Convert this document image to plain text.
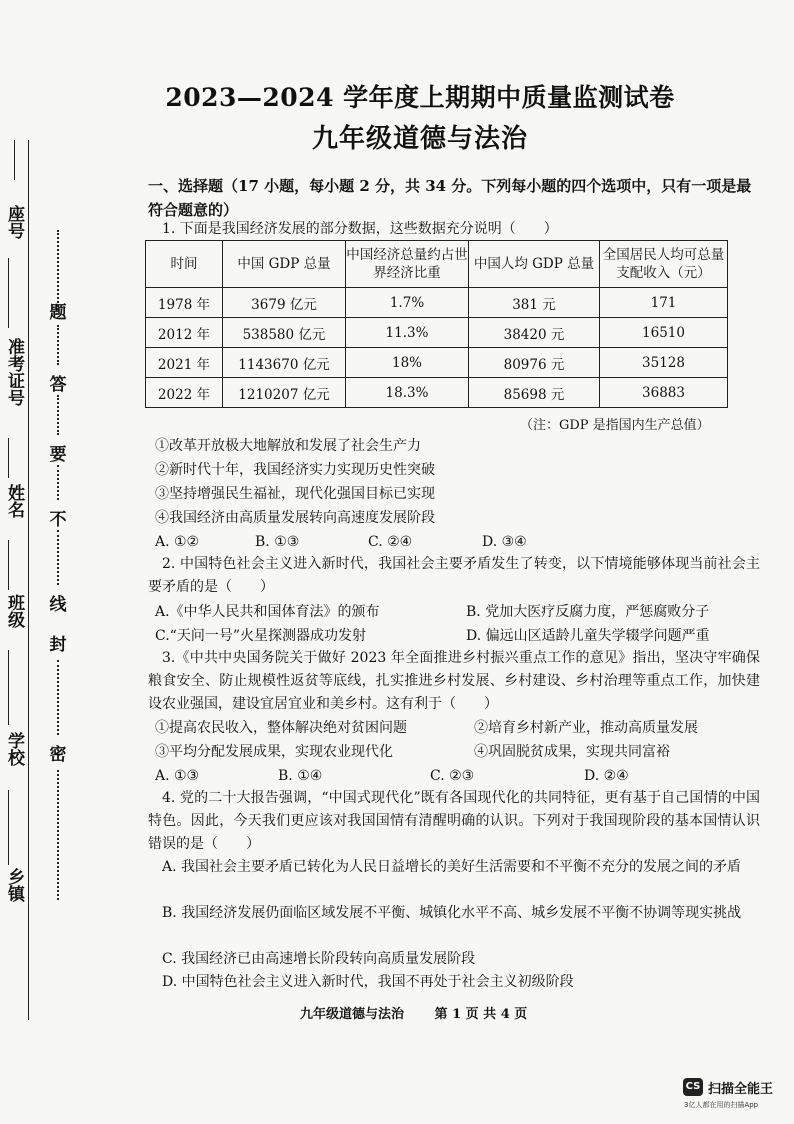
座号
准考证号
姓名
班级
学校
乡镇
密
封
线
不
要
答
题
2023—2024 学年度上期期中质量监测试卷
九年级道德与法治
一、选择题（17 小题，每小题 2 分，共 34 分。下列每小题的四个选项中，只有一项是最符合题意的）
1. 下面是我国经济发展的部分数据，这些数据充分说明（　　）
时间	中国 GDP 总量	中国经济总量约占世界经济比重	中国人均 GDP 总量	全国居民人均可总量支配收入（元）
1978 年	3679 亿元	1.7%	381 元	171
2012 年	538580 亿元	11.3%	38420 元	16510
2021 年	1143670 亿元	18%	80976 元	35128
2022 年	1210207 亿元	18.3%	85698 元	36883
（注：GDP 是指国内生产总值）
①改革开放极大地解放和发展了社会生产力
②新时代十年，我国经济实力实现历史性突破
③坚持增强民生福祉，现代化强国目标已实现
④我国经济由高质量发展转向高速度发展阶段
A. ①②	B. ①③	C. ②④	D. ③④
2. 中国特色社会主义进入新时代，我国社会主要矛盾发生了转变，以下情境能够体现当前社会主要矛盾的是（　　）
A.《中华人民共和国体育法》的颁布	B. 党加大医疗反腐力度，严惩腐败分子
C.“天问一号”火星探测器成功发射	D. 偏远山区适龄儿童失学辍学问题严重
3.《中共中央国务院关于做好 2023 年全面推进乡村振兴重点工作的意见》指出，坚决守牢确保粮食安全、防止规模性返贫等底线，扎实推进乡村发展、乡村建设、乡村治理等重点工作，加快建设农业强国，建设宜居宜业和美乡村。这有利于（　　）
①提高农民收入，整体解决绝对贫困问题	②培育乡村新产业，推动高质量发展
③平均分配发展成果，实现农业现代化	④巩固脱贫成果，实现共同富裕
A. ①③	B. ①④	C. ②③	D. ②④
4. 党的二十大报告强调，“中国式现代化”既有各国现代化的共同特征，更有基于自己国情的中国特色。因此，今天我们更应该对我国国情有清醒明确的认识。下列对于我国现阶段的基本国情认识错误的是（　　）
A. 我国社会主要矛盾已转化为人民日益增长的美好生活需要和不平衡不充分的发展之间的矛盾
B. 我国经济发展仍面临区域发展不平衡、城镇化水平不高、城乡发展不平衡不协调等现实挑战
C. 我国经济已由高速增长阶段转向高质量发展阶段
D. 中国特色社会主义进入新时代，我国不再处于社会主义初级阶段
九年级道德与法治 第 1 页 共 4 页
CS 扫描全能王
3亿人都在用的扫描App
